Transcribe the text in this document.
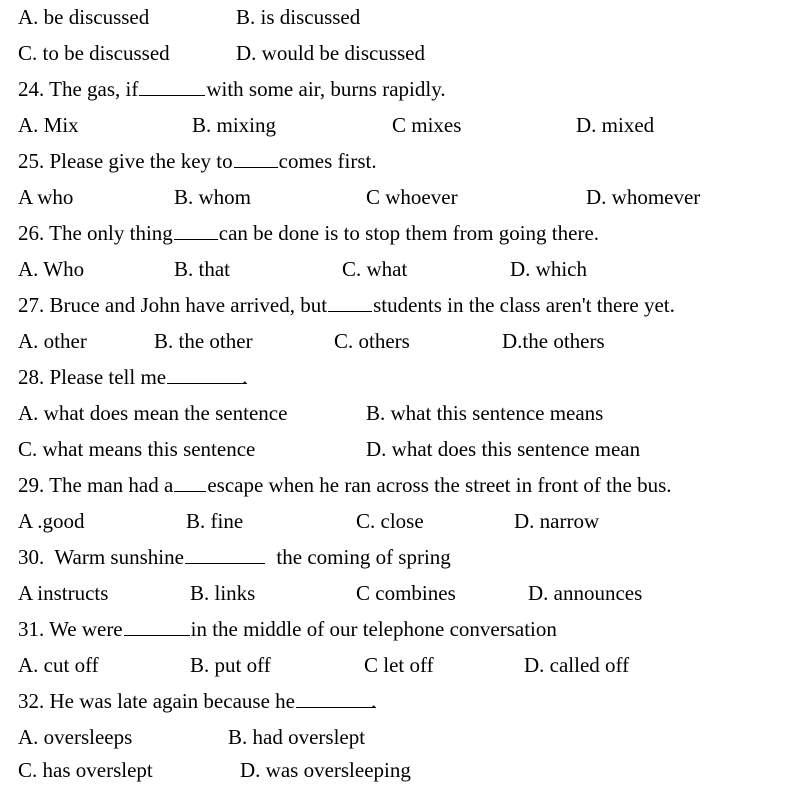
A. be discussed	B. is discussed
C. to be discussed	D. would be discussed
24. The gas, if	with some air, burns rapidly.
A. Mix	B. mixing	C mixes	D. mixed
25. Please give the key to comes first.
A who	B. whom	C whoever	D. whomever
26. The only thing can be done is to stop them from going there.
A. Who	B. that	C. what	D. which
27. Bruce and John have arrived, but students in the class aren't there yet.
A. other	B. the other	C. others	D.the others
28. Please tell me	.
A. what does mean the sentence	B. what this sentence means
C. what means this sentence	D. what does this sentence mean
29. The man had a escape when he ran across the street in front of the bus.
A .good	B. fine	C. close	D. narrow
30.  Warm sunshine	the coming of spring
A instructs	B. links	C combines	D. announces
31. We were	in the middle of our telephone conversation
A. cut off	B. put off	C let off	D. called off
32. He was late again because he	.
A. oversleeps	B. had overslept
C. has overslept	D. was oversleeping
